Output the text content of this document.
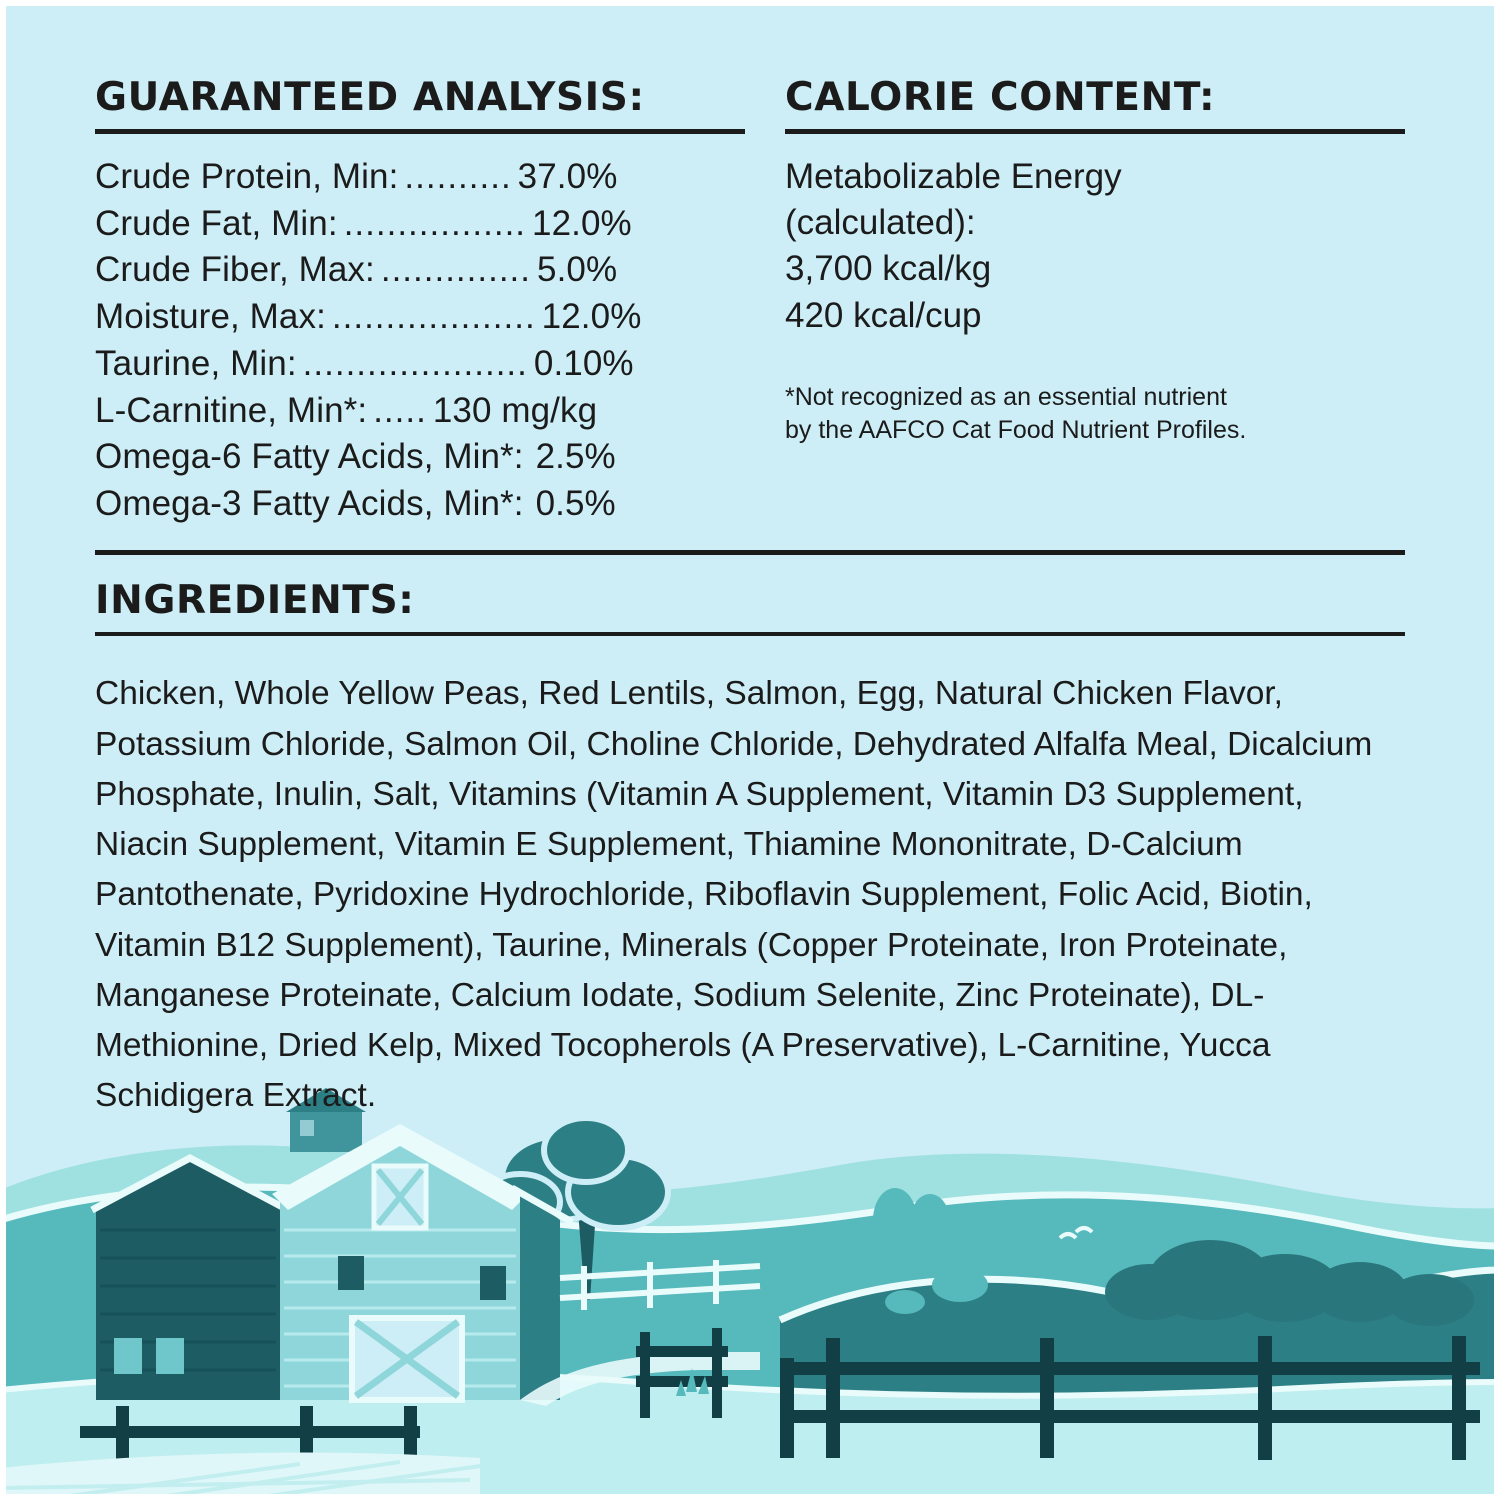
GUARANTEED ANALYSIS:
Crude Protein, Min: .......... 37.0%
Crude Fat, Min: ................. 12.0%
Crude Fiber, Max: .............. 5.0%
Moisture, Max: ................... 12.0%
Taurine, Min: ..................... 0.10%
L-Carnitine, Min*: ..... 130 mg/kg
Omega-6 Fatty Acids, Min*: 2.5%
Omega-3 Fatty Acids, Min*: 0.5%
CALORIE CONTENT:
Metabolizable Energy
(calculated):
3,700 kcal/kg
420 kcal/cup
*Not recognized as an essential nutrient
by the AAFCO Cat Food Nutrient Profiles.
INGREDIENTS:

Chicken, Whole Yellow Peas, Red Lentils, Salmon, Egg, Natural Chicken Flavor, Potassium Chloride, Salmon Oil, Choline Chloride, Dehydrated Alfalfa Meal, Dicalcium Phosphate, Inulin, Salt, Vitamins (Vitamin A Supplement, Vitamin D3 Supplement, Niacin Supplement, Vitamin E Supplement, Thiamine Mononitrate, D-Calcium Pantothenate, Pyridoxine Hydrochloride, Riboflavin Supplement, Folic Acid, Biotin, Vitamin B12 Supplement), Taurine, Minerals (Copper Proteinate, Iron Proteinate, Manganese Proteinate, Calcium Iodate, Sodium Selenite, Zinc Proteinate), DL-Methionine, Dried Kelp, Mixed Tocopherols (A Preservative), L-Carnitine, Yucca Schidigera Extract.
